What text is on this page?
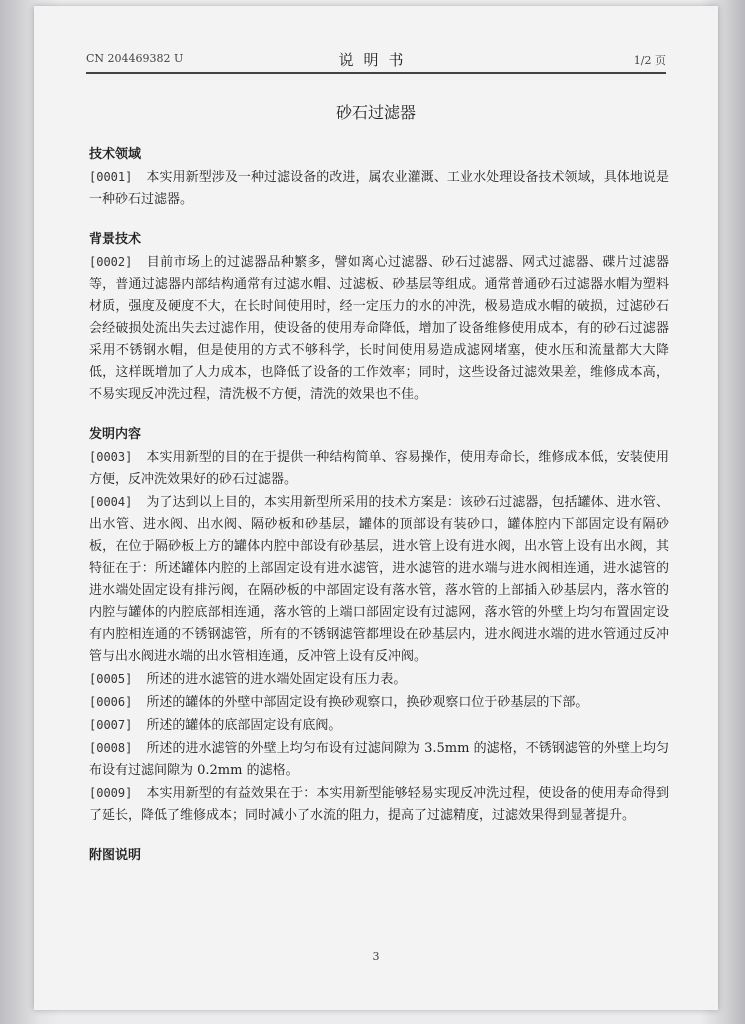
CN 204469382 U	说明书	1/2 页
砂石过滤器

技术领域

[0001] 本实用新型涉及一种过滤设备的改进，属农业灌溉、工业水处理设备技术领域，具体地说是一种砂石过滤器。

背景技术

[0002] 目前市场上的过滤器品种繁多，譬如离心过滤器、砂石过滤器、网式过滤器、碟片过滤器等，普通过滤器内部结构通常有过滤水帽、过滤板、砂基层等组成。通常普通砂石过滤器水帽为塑料材质，强度及硬度不大，在长时间使用时，经一定压力的水的冲洗，极易造成水帽的破损，过滤砂石会经破损处流出失去过滤作用，使设备的使用寿命降低，增加了设备维修使用成本，有的砂石过滤器采用不锈钢水帽，但是使用的方式不够科学，长时间使用易造成滤网堵塞，使水压和流量都大大降低，这样既增加了人力成本，也降低了设备的工作效率；同时，这些设备过滤效果差，维修成本高，不易实现反冲洗过程，清洗极不方便，清洗的效果也不佳。

发明内容

[0003] 本实用新型的目的在于提供一种结构简单、容易操作，使用寿命长，维修成本低，安装使用方便，反冲洗效果好的砂石过滤器。

[0004] 为了达到以上目的，本实用新型所采用的技术方案是：该砂石过滤器，包括罐体、进水管、出水管、进水阀、出水阀、隔砂板和砂基层，罐体的顶部设有装砂口，罐体腔内下部固定设有隔砂板，在位于隔砂板上方的罐体内腔中部设有砂基层，进水管上设有进水阀，出水管上设有出水阀，其特征在于：所述罐体内腔的上部固定设有进水滤管，进水滤管的进水端与进水阀相连通，进水滤管的进水端处固定设有排污阀，在隔砂板的中部固定设有落水管，落水管的上部插入砂基层内，落水管的内腔与罐体的内腔底部相连通，落水管的上端口部固定设有过滤网，落水管的外壁上均匀布置固定设有内腔相连通的不锈钢滤管，所有的不锈钢滤管都埋设在砂基层内，进水阀进水端的进水管通过反冲管与出水阀进水端的出水管相连通，反冲管上设有反冲阀。

[0005] 所述的进水滤管的进水端处固定设有压力表。

[0006] 所述的罐体的外壁中部固定设有换砂观察口，换砂观察口位于砂基层的下部。

[0007] 所述的罐体的底部固定设有底阀。

[0008] 所述的进水滤管的外壁上均匀布设有过滤间隙为 3.5mm 的滤格，不锈钢滤管的外壁上均匀布设有过滤间隙为 0.2mm 的滤格。

[0009] 本实用新型的有益效果在于：本实用新型能够轻易实现反冲洗过程，使设备的使用寿命得到了延长，降低了维修成本；同时减小了水流的阻力，提高了过滤精度，过滤效果得到显著提升。

附图说明

3
